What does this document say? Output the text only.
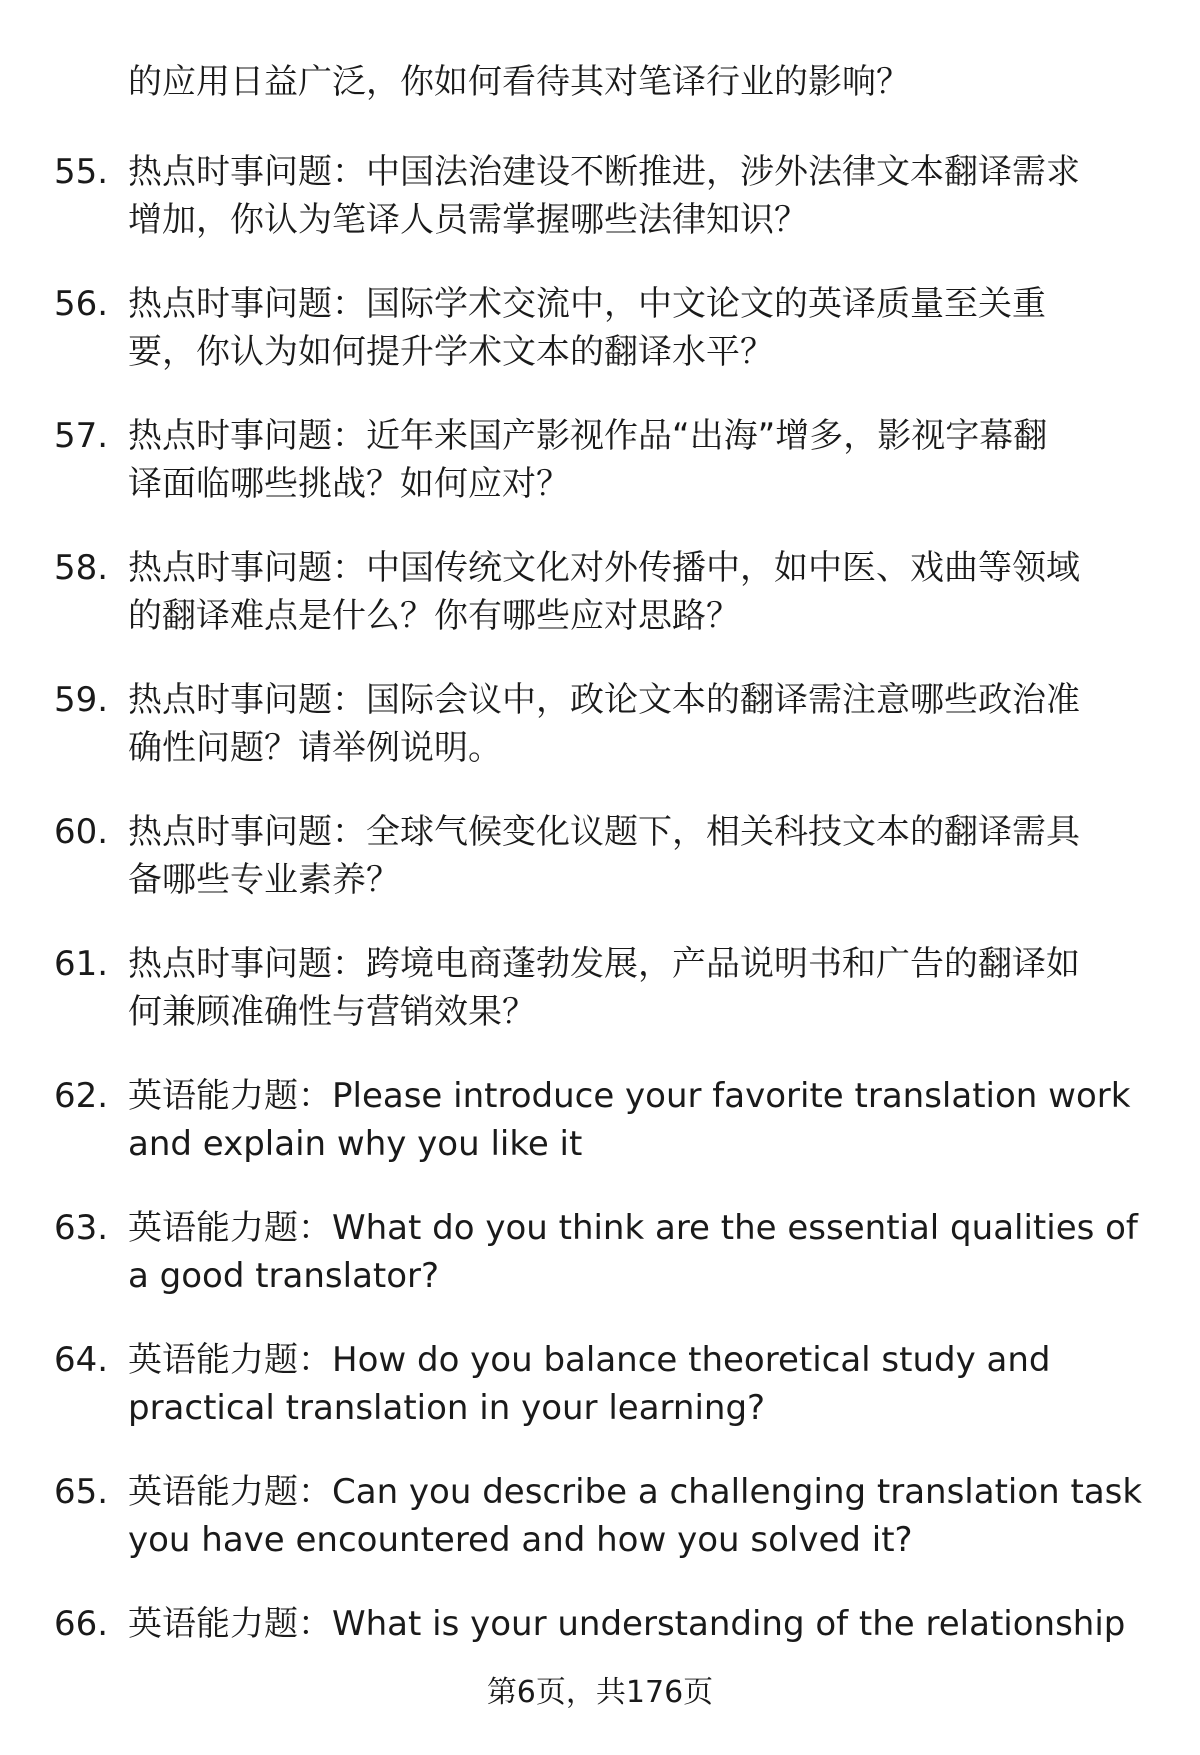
的应用日益广泛，你如何看待其对笔译行业的影响？
55. 热点时事问题：中国法治建设不断推进，涉外法律文本翻译需求
增加，你认为笔译人员需掌握哪些法律知识？
56. 热点时事问题：国际学术交流中，中文论文的英译质量至关重
要，你认为如何提升学术文本的翻译水平？
57. 热点时事问题：近年来国产影视作品“出海”增多，影视字幕翻
译面临哪些挑战？如何应对？
58. 热点时事问题：中国传统文化对外传播中，如中医、戏曲等领域
的翻译难点是什么？你有哪些应对思路？
59. 热点时事问题：国际会议中，政论文本的翻译需注意哪些政治准
确性问题？请举例说明。
60. 热点时事问题：全球气候变化议题下，相关科技文本的翻译需具
备哪些专业素养？
61. 热点时事问题：跨境电商蓬勃发展，产品说明书和广告的翻译如
何兼顾准确性与营销效果？
62. 英语能力题：Please introduce your favorite translation work
and explain why you like it
63. 英语能力题：What do you think are the essential qualities of
a good translator?
64. 英语能力题：How do you balance theoretical study and
practical translation in your learning?
65. 英语能力题：Can you describe a challenging translation task
you have encountered and how you solved it?
66. 英语能力题：What is your understanding of the relationship
第6页，共176页
